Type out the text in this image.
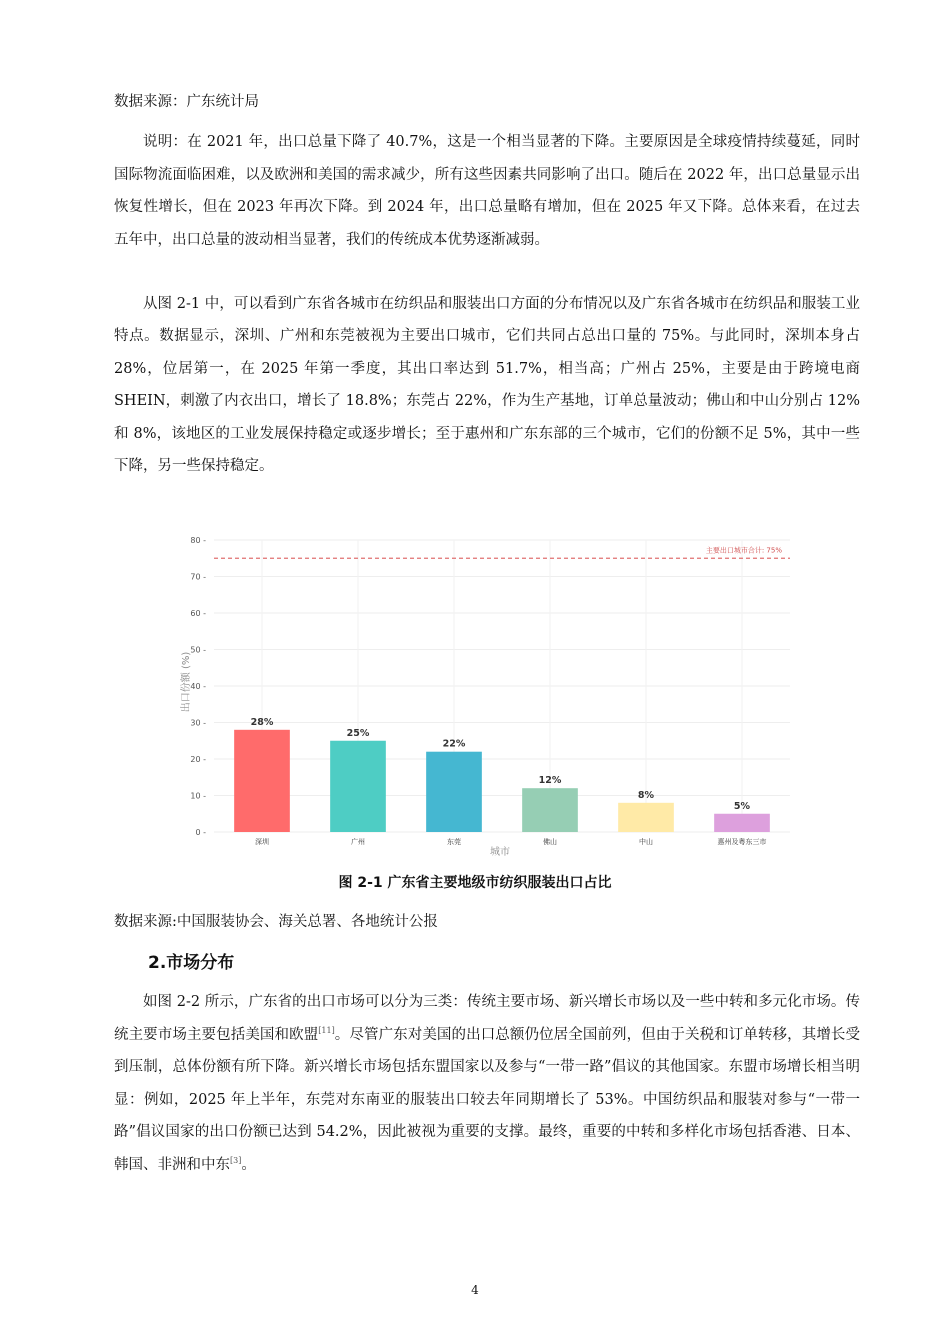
数据来源：广东统计局
说明：在 2021 年，出口总量下降了 40.7%，这是一个相当显著的下降。主要原因是全球疫情持续蔓延，同时国际物流面临困难，以及欧洲和美国的需求减少，所有这些因素共同影响了出口。随后在 2022 年，出口总量显示出恢复性增长，但在 2023 年再次下降。到 2024 年，出口总量略有增加，但在 2025 年又下降。总体来看，在过去五年中，出口总量的波动相当显著，我们的传统成本优势逐渐减弱。
从图 2-1 中，可以看到广东省各城市在纺织品和服装出口方面的分布情况以及广东省各城市在纺织品和服装工业特点。数据显示，深圳、广州和东莞被视为主要出口城市，它们共同占总出口量的 75%。与此同时，深圳本身占 28%，位居第一，在 2025 年第一季度，其出口率达到 51.7%，相当高；广州占 25%，主要是由于跨境电商 SHEIN，刺激了内衣出口，增长了 18.8%；东莞占 22%，作为生产基地，订单总量波动；佛山和中山分别占 12%和 8%，该地区的工业发展保持稳定或逐步增长；至于惠州和广东东部的三个城市，它们的份额不足 5%，其中一些下降，另一些保持稳定。
0 -
10 -
20 -
30 -
40 -
50 -
60 -
70 -
80 -
主要出口城市合计: 75%
28%
25%
22%
12%
8%
5%
深圳	广州	东莞	佛山	中山	惠州及粤东三市
出口份额 (%)
城市
图 2-1 广东省主要地级市纺织服装出口占比
数据来源:中国服装协会、海关总署、各地统计公报
2.市场分布
如图 2-2 所示，广东省的出口市场可以分为三类：传统主要市场、新兴增长市场以及一些中转和多元化市场。传统主要市场主要包括美国和欧盟[11]。尽管广东对美国的出口总额仍位居全国前列，但由于关税和订单转移，其增长受到压制，总体份额有所下降。新兴增长市场包括东盟国家以及参与“一带一路”倡议的其他国家。东盟市场增长相当明显：例如，2025 年上半年，东莞对东南亚的服装出口较去年同期增长了 53%。中国纺织品和服装对参与“一带一路”倡议国家的出口份额已达到 54.2%，因此被视为重要的支撑。最终，重要的中转和多样化市场包括香港、日本、韩国、非洲和中东[3]。
4
